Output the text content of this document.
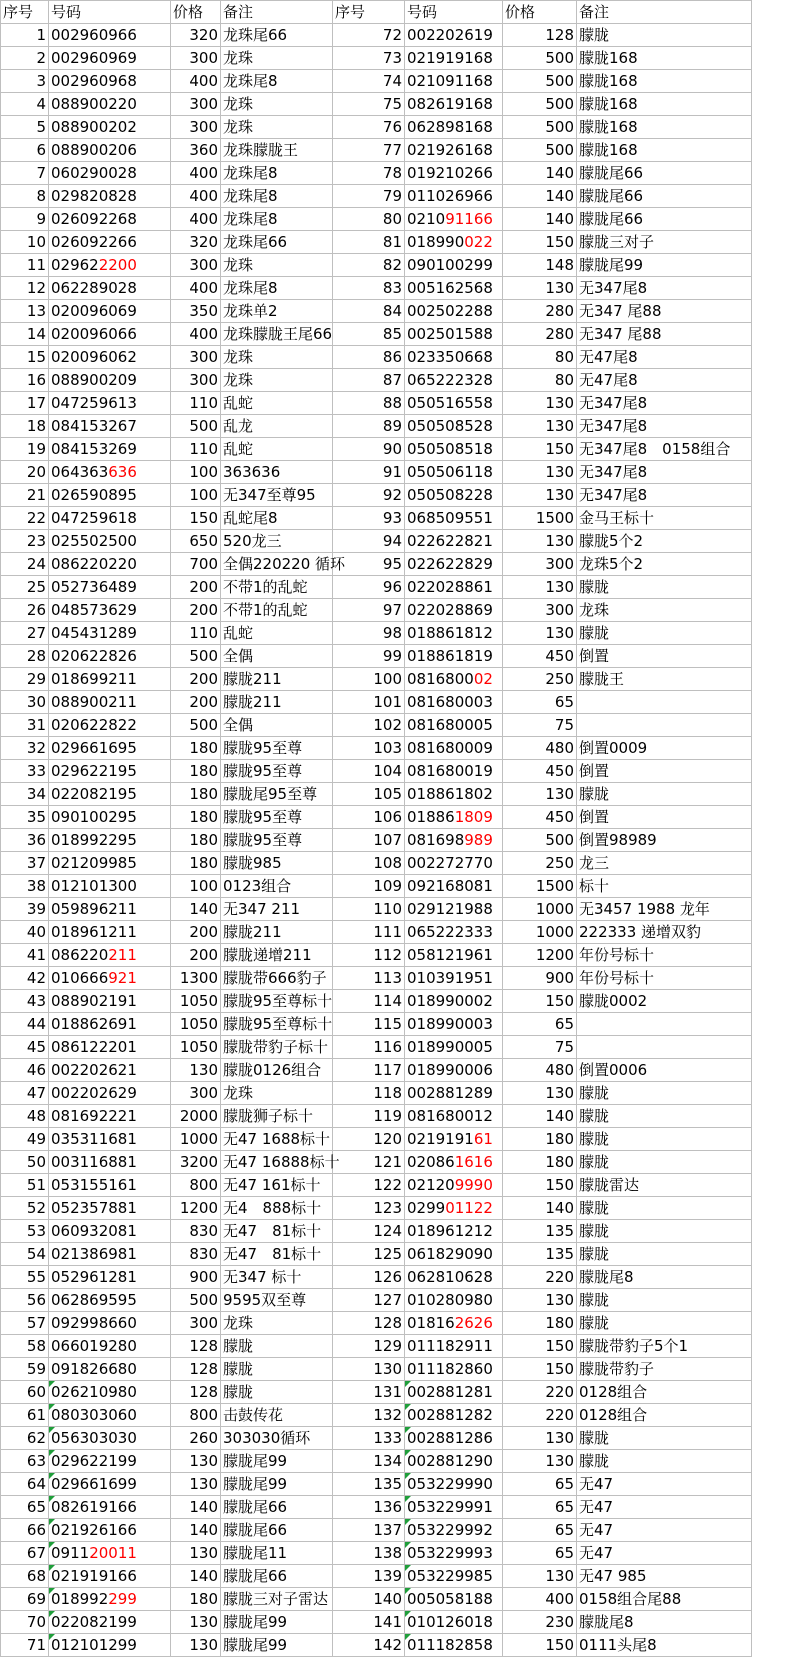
序号	号码	价格	备注	序号	号码	价格	备注
1	002960966	320	龙珠尾66	72	002202619	128	朦胧
2	002960969	300	龙珠	73	021919168	500	朦胧168
3	002960968	400	龙珠尾8	74	021091168	500	朦胧168
4	088900220	300	龙珠	75	082619168	500	朦胧168
5	088900202	300	龙珠	76	062898168	500	朦胧168
6	088900206	360	龙珠朦胧王	77	021926168	500	朦胧168
7	060290028	400	龙珠尾8	78	019210266	140	朦胧尾66
8	029820828	400	龙珠尾8	79	011026966	140	朦胧尾66
9	026092268	400	龙珠尾8	80	021091166	140	朦胧尾66
10	026092266	320	龙珠尾66	81	018990022	150	朦胧三对子
11	029622200	300	龙珠	82	090100299	148	朦胧尾99
12	062289028	400	龙珠尾8	83	005162568	130	无347尾8
13	020096069	350	龙珠单2	84	002502288	280	无347 尾88
14	020096066	400	龙珠朦胧王尾66	85	002501588	280	无347 尾88
15	020096062	300	龙珠	86	023350668	80	无47尾8
16	088900209	300	龙珠	87	065222328	80	无47尾8
17	047259613	110	乱蛇	88	050516558	130	无347尾8
18	084153267	500	乱龙	89	050508528	130	无347尾8
19	084153269	110	乱蛇	90	050508518	150	无347尾8　0158组合
20	064363636	100	363636	91	050506118	130	无347尾8
21	026590895	100	无347至尊95	92	050508228	130	无347尾8
22	047259618	150	乱蛇尾8	93	068509551	1500	金马王标十
23	025502500	650	520龙三	94	022622821	130	朦胧5个2
24	086220220	700	全偶220220 循环	95	022622829	300	龙珠5个2
25	052736489	200	不带1的乱蛇	96	022028861	130	朦胧
26	048573629	200	不带1的乱蛇	97	022028869	300	龙珠
27	045431289	110	乱蛇	98	018861812	130	朦胧
28	020622826	500	全偶	99	018861819	450	倒置
29	018699211	200	朦胧211	100	081680002	250	朦胧王
30	088900211	200	朦胧211	101	081680003	65	
31	020622822	500	全偶	102	081680005	75	
32	029661695	180	朦胧95至尊	103	081680009	480	倒置0009
33	029622195	180	朦胧95至尊	104	081680019	450	倒置
34	022082195	180	朦胧尾95至尊	105	018861802	130	朦胧
35	090100295	180	朦胧95至尊	106	018861809	450	倒置
36	018992295	180	朦胧95至尊	107	081698989	500	倒置98989
37	021209985	180	朦胧985	108	002272770	250	龙三
38	012101300	100	0123组合	109	092168081	1500	标十
39	059896211	140	无347 211	110	029121988	1000	无3457 1988 龙年
40	018961211	200	朦胧211	111	065222333	1000	222333 递增双豹
41	086220211	200	朦胧递增211	112	058121961	1200	年份号标十
42	010666921	1300	朦胧带666豹子	113	010391951	900	年份号标十
43	088902191	1050	朦胧95至尊标十	114	018990002	150	朦胧0002
44	018862691	1050	朦胧95至尊标十	115	018990003	65	
45	086122201	1050	朦胧带豹子标十	116	018990005	75	
46	002202621	130	朦胧0126组合	117	018990006	480	倒置0006
47	002202629	300	龙珠	118	002881289	130	朦胧
48	081692221	2000	朦胧狮子标十	119	081680012	140	朦胧
49	035311681	1000	无47 1688标十	120	021919161	180	朦胧
50	003116881	3200	无47 16888标十	121	020861616	180	朦胧
51	053155161	800	无47 161标十	122	021209990	150	朦胧雷达
52	052357881	1200	无4　888标十	123	029901122	140	朦胧
53	060932081	830	无47　81标十	124	018961212	135	朦胧
54	021386981	830	无47　81标十	125	061829090	135	朦胧
55	052961281	900	无347 标十	126	062810628	220	朦胧尾8
56	062869595	500	9595双至尊	127	010280980	130	朦胧
57	092998660	300	龙珠	128	018162626	180	朦胧
58	066019280	128	朦胧	129	011182911	150	朦胧带豹子5个1
59	091826680	128	朦胧	130	011182860	150	朦胧带豹子
60	026210980	128	朦胧	131	002881281	220	0128组合
61	080303060	800	击鼓传花	132	002881282	220	0128组合
62	056303030	260	303030循环	133	002881286	130	朦胧
63	029622199	130	朦胧尾99	134	002881290	130	朦胧
64	029661699	130	朦胧尾99	135	053229990	65	无47
65	082619166	140	朦胧尾66	136	053229991	65	无47
66	021926166	140	朦胧尾66	137	053229992	65	无47
67	091120011	130	朦胧尾11	138	053229993	65	无47
68	021919166	140	朦胧尾66	139	053229985	130	无47 985
69	018992299	180	朦胧三对子雷达	140	005058188	400	0158组合尾88
70	022082199	130	朦胧尾99	141	010126018	230	朦胧尾8
71	012101299	130	朦胧尾99	142	011182858	150	0111头尾8
